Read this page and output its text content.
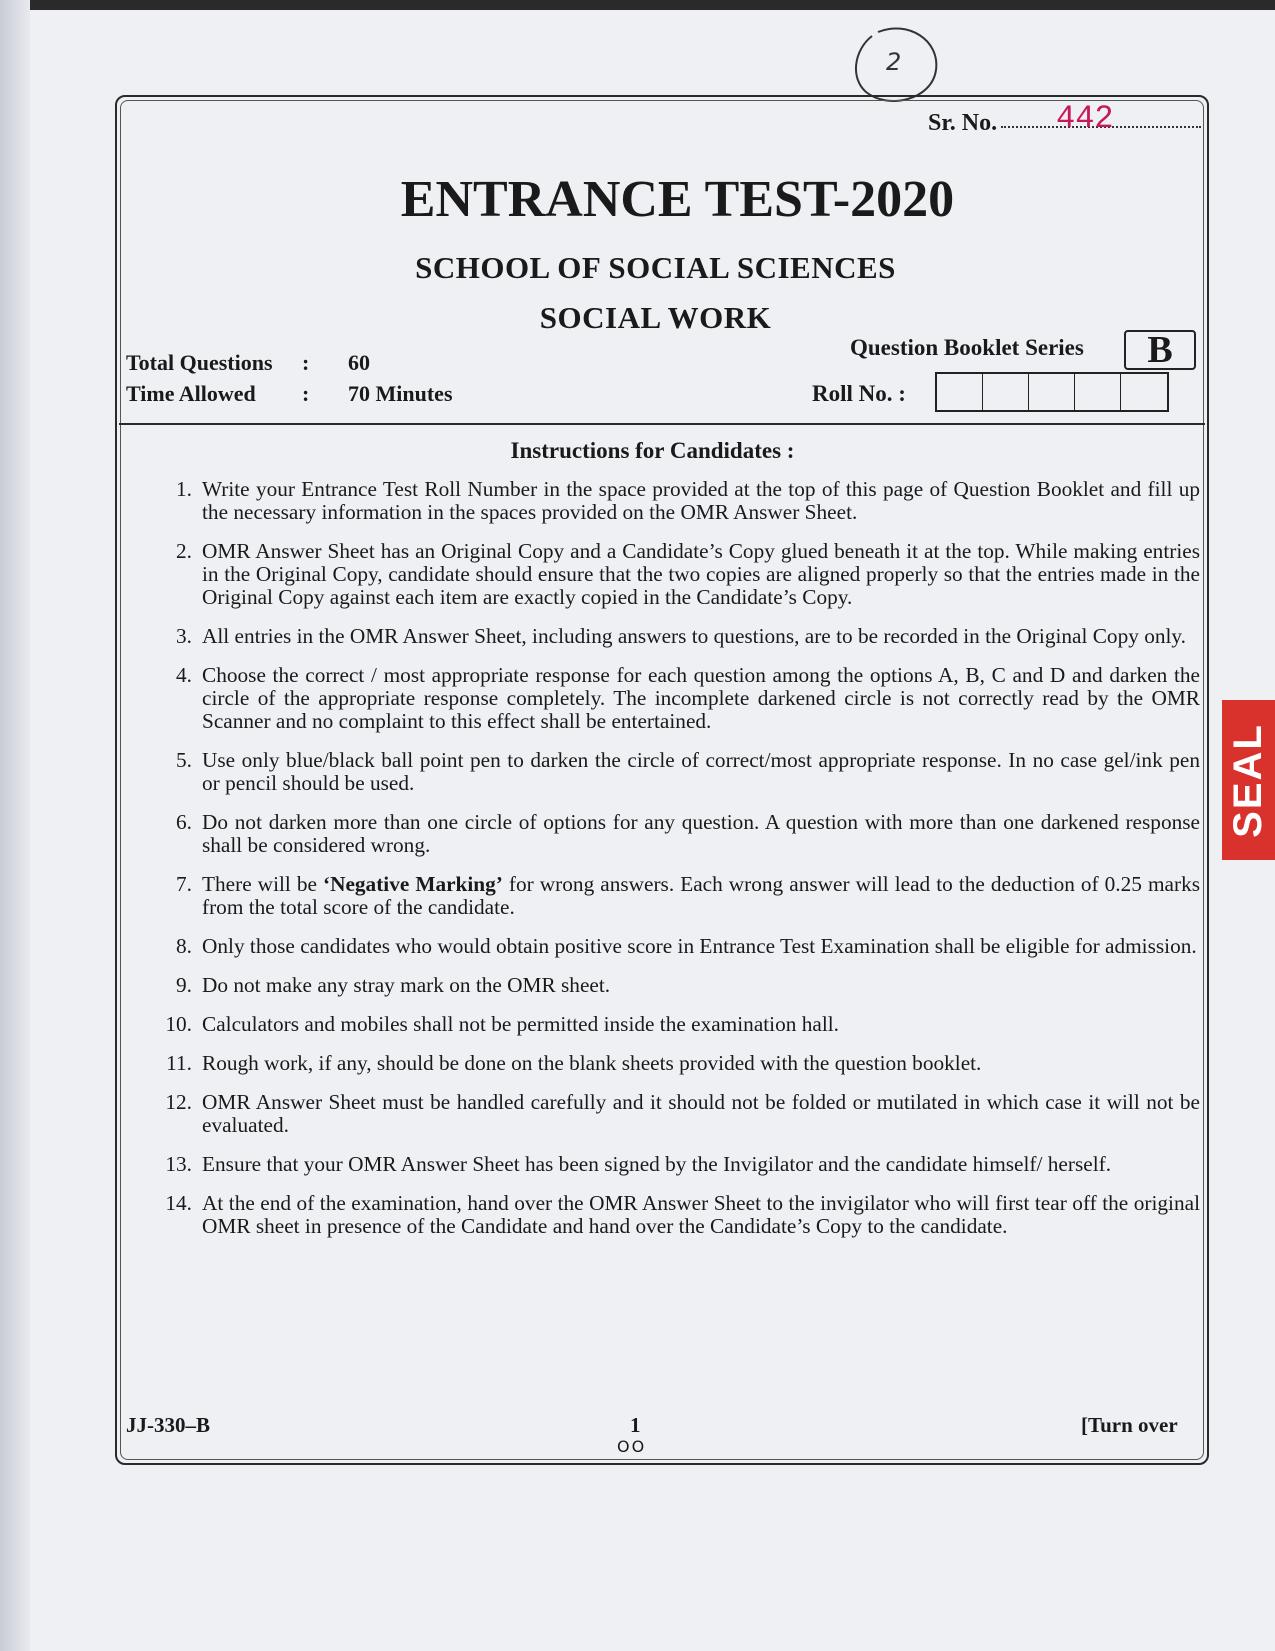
2
SEAL
Sr. No. 442
ENTRANCE TEST-2020
SCHOOL OF SOCIAL SCIENCES
SOCIAL WORK
Total Questions : 60
Time Allowed : 70 Minutes
Question Booklet Series	B
Roll No. :
Instructions for Candidates :
1. Write your Entrance Test Roll Number in the space provided at the top of this page of Question Booklet and fill up the necessary information in the spaces provided on the OMR Answer Sheet.
2. OMR Answer Sheet has an Original Copy and a Candidate’s Copy glued beneath it at the top. While making entries in the Original Copy, candidate should ensure that the two copies are aligned properly so that the entries made in the Original Copy against each item are exactly copied in the Candidate’s Copy.
3. All entries in the OMR Answer Sheet, including answers to questions, are to be recorded in the Original Copy only.
4. Choose the correct / most appropriate response for each question among the options A, B, C and D and darken the circle of the appropriate response completely. The incomplete darkened circle is not correctly read by the OMR Scanner and no complaint to this effect shall be entertained.
5. Use only blue/black ball point pen to darken the circle of correct/most appropriate response. In no case gel/ink pen or pencil should be used.
6. Do not darken more than one circle of options for any question. A question with more than one darkened response shall be considered wrong.
7. There will be ‘Negative Marking’ for wrong answers. Each wrong answer will lead to the deduction of 0.25 marks from the total score of the candidate.
8. Only those candidates who would obtain positive score in Entrance Test Examination shall be eligible for admission.
9. Do not make any stray mark on the OMR sheet.
10. Calculators and mobiles shall not be permitted inside the examination hall.
11. Rough work, if any, should be done on the blank sheets provided with the question booklet.
12. OMR Answer Sheet must be handled carefully and it should not be folded or mutilated in which case it will not be evaluated.
13. Ensure that your OMR Answer Sheet has been signed by the Invigilator and the candidate himself/ herself.
14. At the end of the examination, hand over the OMR Answer Sheet to the invigilator who will first tear off the original OMR sheet in presence of the Candidate and hand over the Candidate’s Copy to the candidate.
JJ-330–B	1
OO
[Turn over
